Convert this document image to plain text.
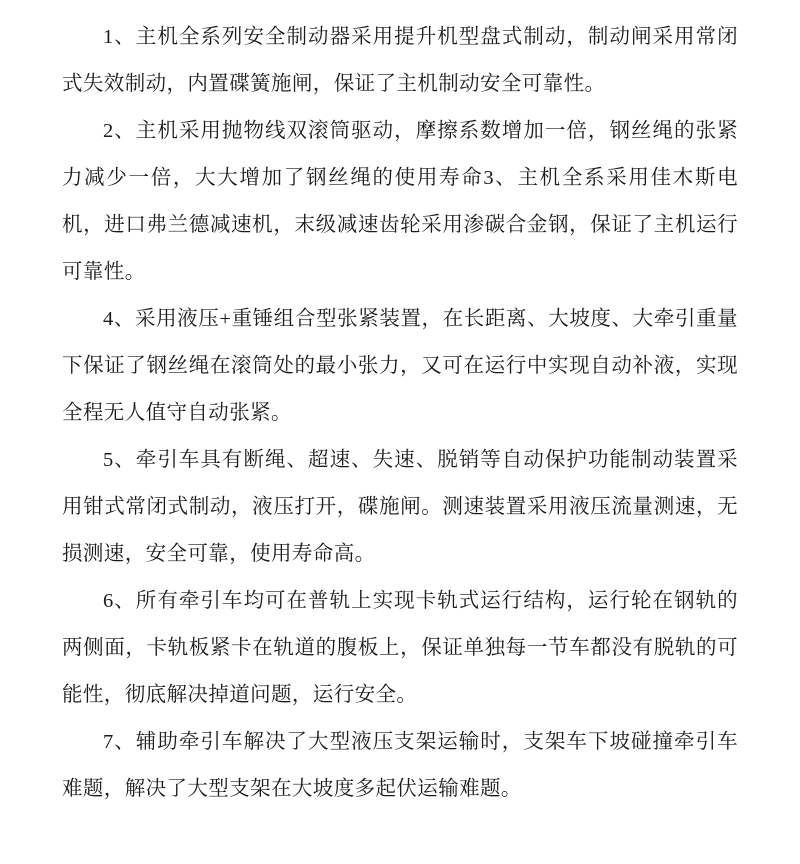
1、主机全系列安全制动器采用提升机型盘式制动，制动闸采用常闭式失效制动，内置碟簧施闸，保证了主机制动安全可靠性。

2、主机采用抛物线双滚筒驱动，摩擦系数增加一倍，钢丝绳的张紧力减少一倍，大大增加了钢丝绳的使用寿命3、主机全系采用佳木斯电机，进口弗兰德减速机，末级减速齿轮采用渗碳合金钢，保证了主机运行可靠性。

4、采用液压+重锤组合型张紧装置，在长距离、大坡度、大牵引重量下保证了钢丝绳在滚筒处的最小张力，又可在运行中实现自动补液，实现全程无人值守自动张紧。

5、牵引车具有断绳、超速、失速、脱销等自动保护功能制动装置采用钳式常闭式制动，液压打开，碟施闸。测速装置采用液压流量测速，无损测速，安全可靠，使用寿命高。

6、所有牵引车均可在普轨上实现卡轨式运行结构，运行轮在钢轨的两侧面，卡轨板紧卡在轨道的腹板上，保证单独每一节车都没有脱轨的可能性，彻底解决掉道问题，运行安全。

7、辅助牵引车解决了大型液压支架运输时，支架车下坡碰撞牵引车难题，解决了大型支架在大坡度多起伏运输难题。
